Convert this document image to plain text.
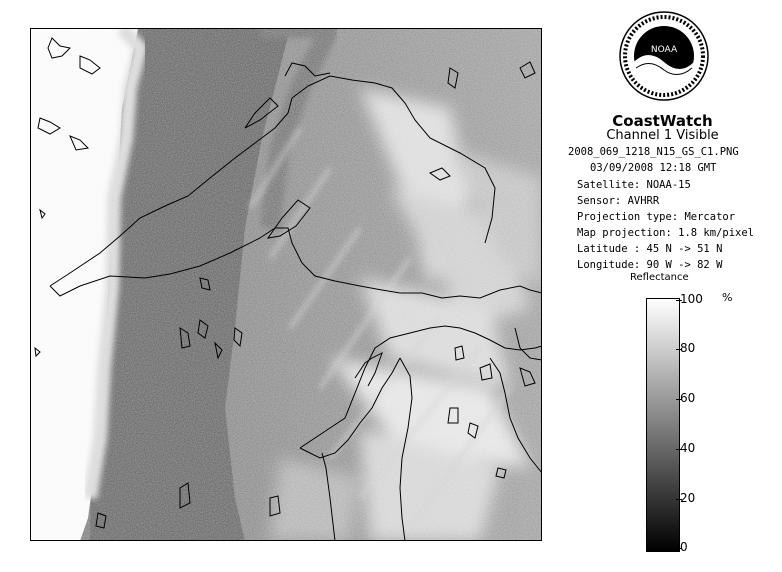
NOAA
CoastWatch
Channel 1 Visible
2008_069_1218_N15_GS_C1.PNG
03/09/2008 12:18 GMT
Satellite: NOAA-15
Sensor: AVHRR
Projection type: Mercator
Map projection: 1.8 km/pixel
Latitude : 45 N -> 51 N
Longitude: 90 W -> 82 W
Reflectance
%
100
80
60
40
20
0
